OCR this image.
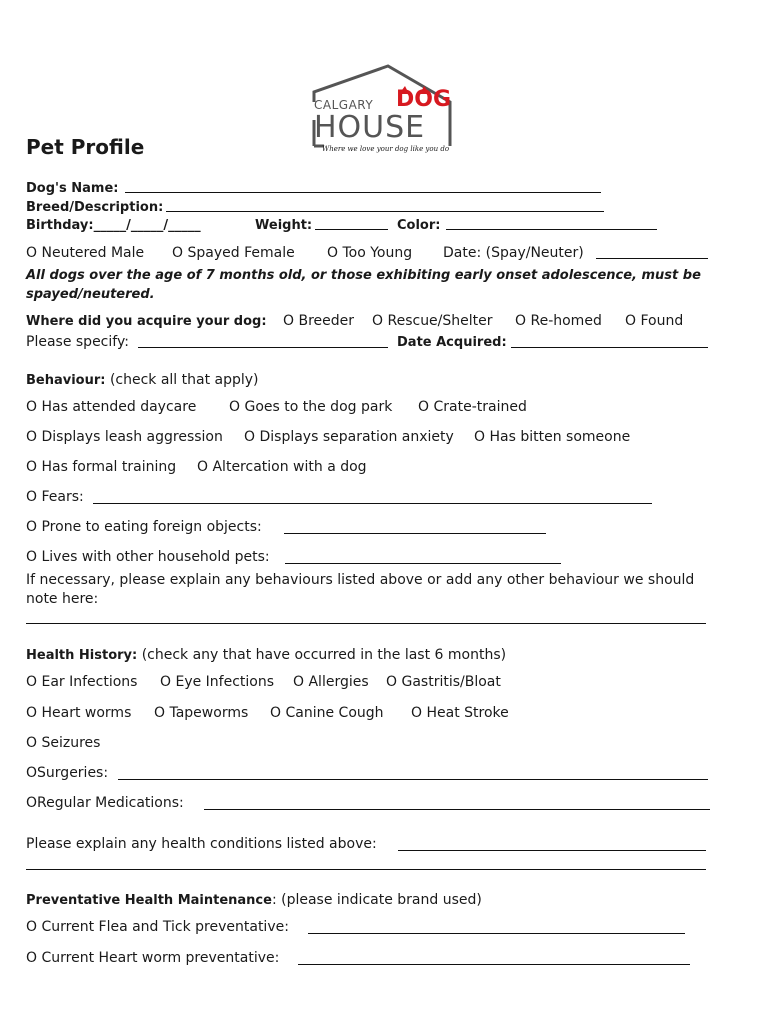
CALGARY DOG
HOUSE
Where we love your dog like you do
Pet Profile
Dog's Name:
Breed/Description:
Birthday:_____/_____/_____	Weight:	Color:
O Neutered Male O Spayed Female O Too Young Date: (Spay/Neuter)
All dogs over the age of 7 months old, or those exhibiting early onset adolescence, must be spayed/neutered.
Where did you acquire your dog: O Breeder O Rescue/Shelter O Re-homed O Found
Please specify:	Date Acquired:
Behaviour: (check all that apply)
O Has attended daycare O Goes to the dog park O Crate-trained
O Displays leash aggression O Displays separation anxiety O Has bitten someone
O Has formal training O Altercation with a dog
O Fears:
O Prone to eating foreign objects:
O Lives with other household pets:
If necessary, please explain any behaviours listed above or add any other behaviour we should note here:
Health History: (check any that have occurred in the last 6 months)
O Ear Infections O Eye Infections O Allergies O Gastritis/Bloat
O Heart worms O Tapeworms O Canine Cough O Heat Stroke
O Seizures
OSurgeries:
ORegular Medications:
Please explain any health conditions listed above:
Preventative Health Maintenance: (please indicate brand used)
O Current Flea and Tick preventative:
O Current Heart worm preventative:
